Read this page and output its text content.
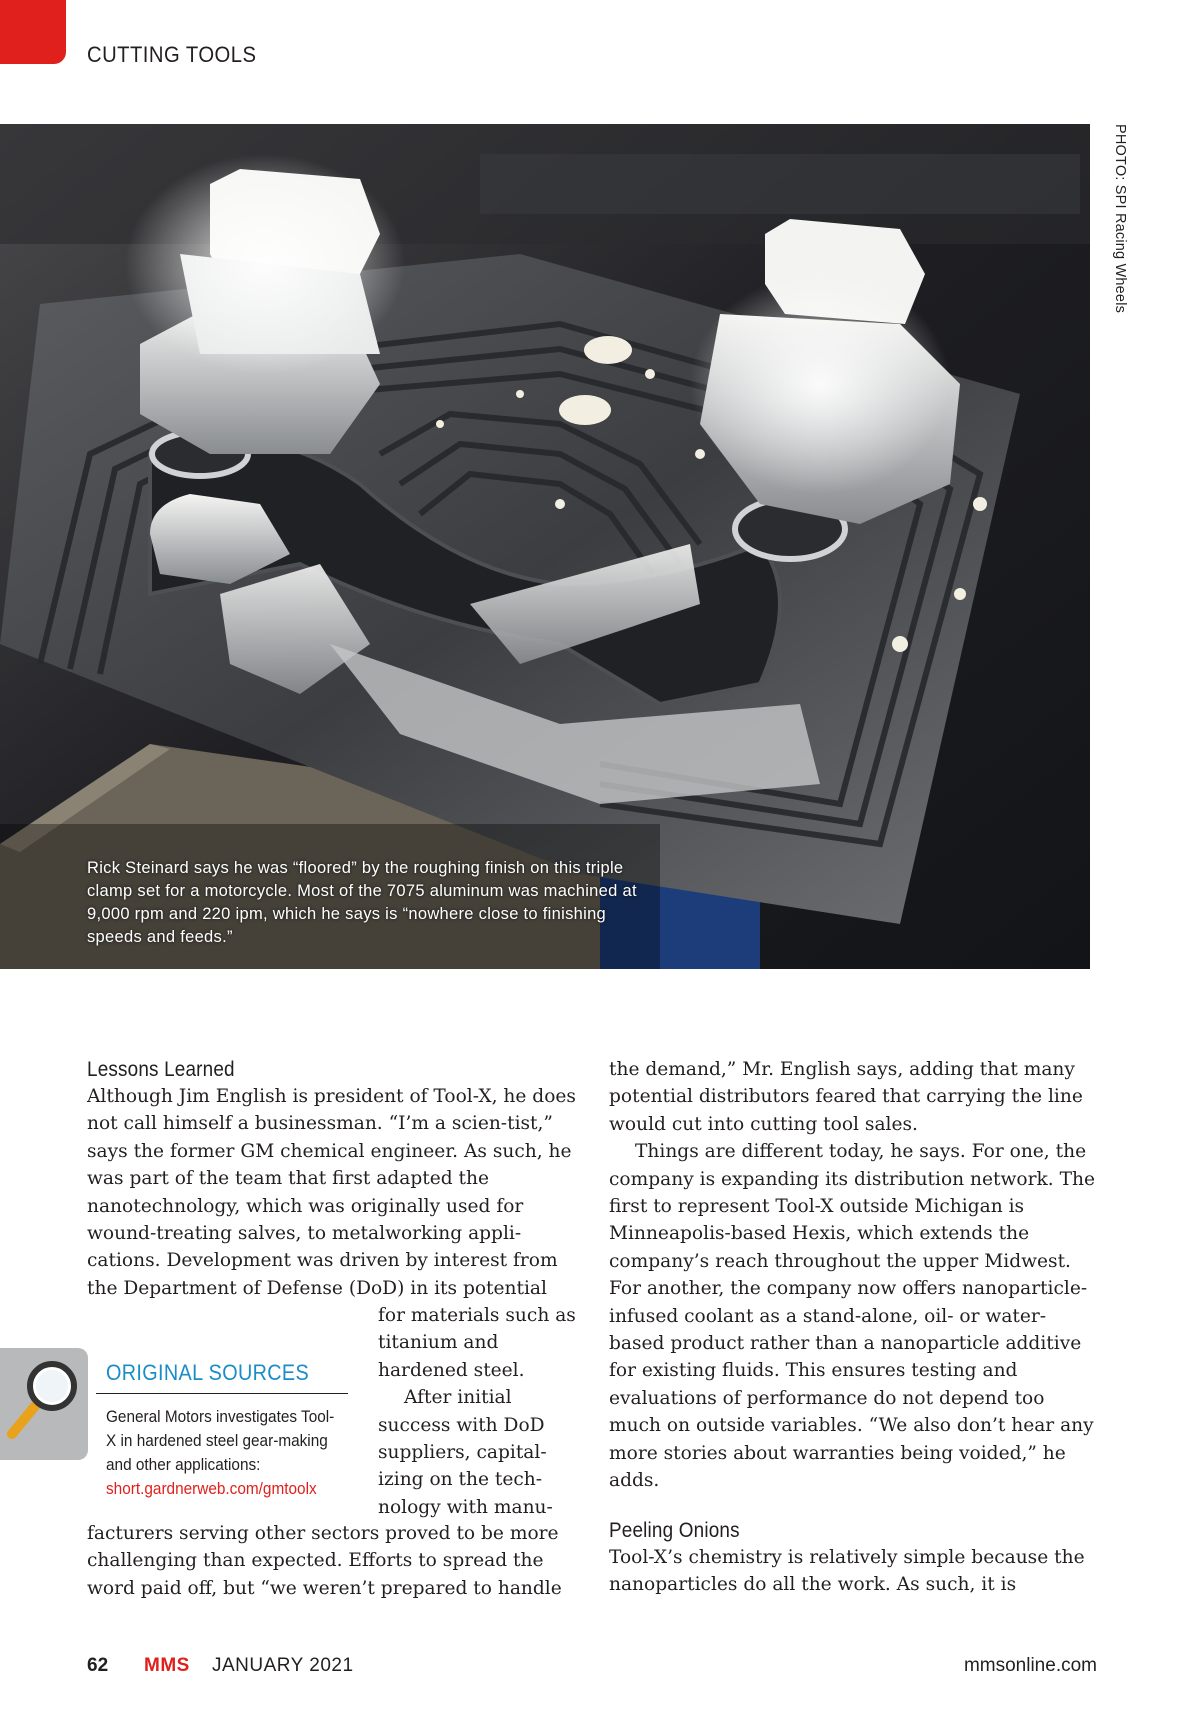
CUTTING TOOLS
Rick Steinard says he was “floored” by the roughing finish on this triple clamp set for a motorcycle. Most of the 7075 aluminum was machined at 9,000 rpm and 220 ipm, which he says is “nowhere close to finishing speeds and feeds.”
PHOTO: SPI Racing Wheels
Lessons Learned

Although Jim English is president of Tool-X, he does not call himself a businessman. “I’m a scien-tist,” says the former GM chemical engineer. As such, he was part of the team that first adapted the nanotechnology, which was originally used for wound-treating salves, to metalworking appli-cations. Development was driven by interest from the Department of Defense (DoD) in its potential

for materials such as titanium and hardened steel.

After initial success with DoD suppliers, capital-izing on the tech-nology with manu-

facturers serving other sectors proved to be more challenging than expected. Efforts to spread the word paid off, but “we weren’t prepared to handle

ORIGINAL SOURCES
General Motors investigates Tool-X in hardened steel gear-making and other applications:
short.gardnerweb.com/gmtoolx

the demand,” Mr. English says, adding that many potential distributors feared that carrying the line would cut into cutting tool sales.

Things are different today, he says. For one, the company is expanding its distribution network. The first to represent Tool-X outside Michigan is Minneapolis-based Hexis, which extends the company’s reach throughout the upper Midwest. For another, the company now offers nanoparticle-infused coolant as a stand-alone, oil- or water-based product rather than a nanoparticle additive for existing fluids. This ensures testing and evaluations of performance do not depend too much on outside variables. “We also don’t hear any more stories about warranties being voided,” he adds.

Peeling Onions

Tool-X’s chemistry is relatively simple because the nanoparticles do all the work. As such, it is

62 MMS JANUARY 2021	mmsonline.com
